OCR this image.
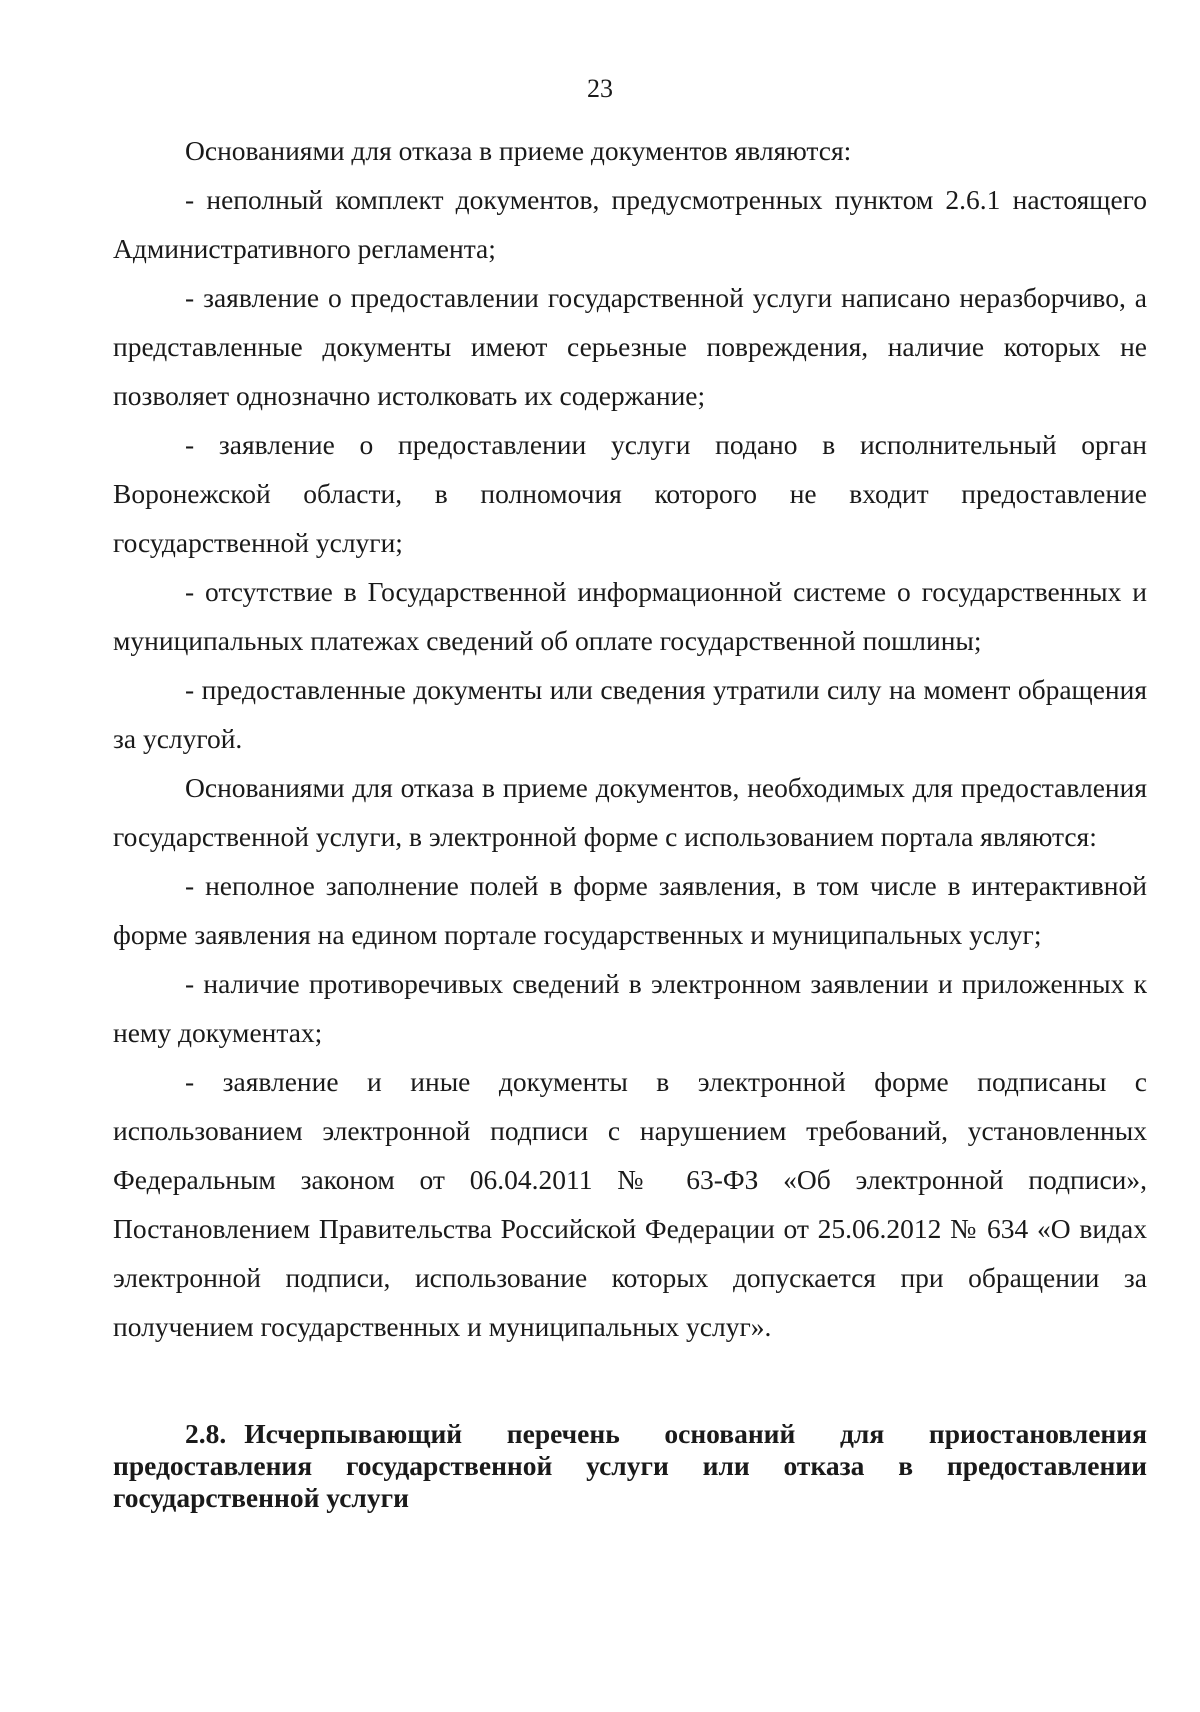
23

Основаниями для отказа в приеме документов являются:

- неполный комплект документов, предусмотренных пунктом 2.6.1 настоящего Административного регламента;

- заявление о предоставлении государственной услуги написано неразборчиво, а представленные документы имеют серьезные повреждения, наличие которых не позволяет однозначно истолковать их содержание;

- заявление о предоставлении услуги подано в исполнительный орган Воронежской области, в полномочия которого не входит предоставление государственной услуги;

- отсутствие в Государственной информационной системе о государственных и муниципальных платежах сведений об оплате государственной пошлины;

- предоставленные документы или сведения утратили силу на момент обращения за услугой.

Основаниями для отказа в приеме документов, необходимых для предоставления государственной услуги, в электронной форме с использованием портала являются:

- неполное заполнение полей в форме заявления, в том числе в интерактивной форме заявления на едином портале государственных и муниципальных услуг;

- наличие противоречивых сведений в электронном заявлении и приложенных к нему документах;

- заявление и иные документы в электронной форме подписаны с использованием электронной подписи с нарушением требований, установленных Федеральным законом от 06.04.2011 № 63-ФЗ «Об электронной подписи», Постановлением Правительства Российской Федерации от 25.06.2012 № 634 «О видах электронной подписи, использование которых допускается при обращении за получением государственных и муниципальных услуг».

2.8. Исчерпывающий перечень оснований для приостановления предоставления государственной услуги или отказа в предоставлении государственной услуги
